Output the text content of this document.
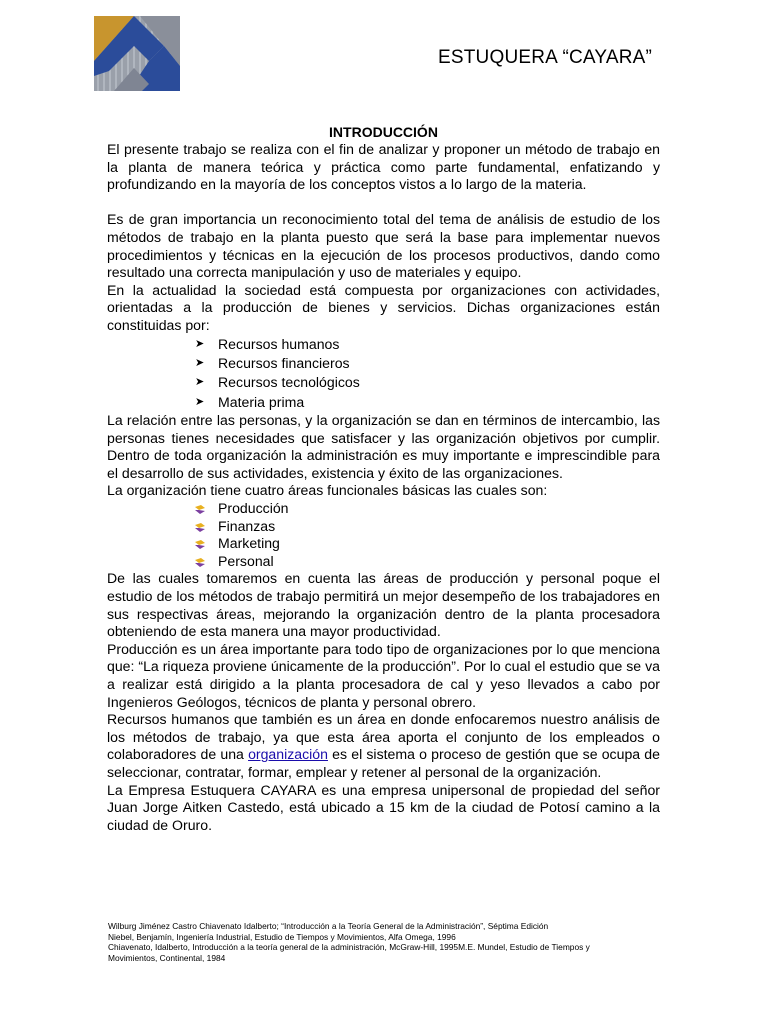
ESTUQUERA “CAYARA”
INTRODUCCIÓN

El presente trabajo se realiza con el fin de analizar y proponer un método de trabajo en la planta de manera teórica y práctica como parte fundamental, enfatizando y profundizando en la mayoría de los conceptos vistos a lo largo de la materia.

Es de gran importancia un reconocimiento total del tema de análisis de estudio de los métodos de trabajo en la planta puesto que será la base para implementar nuevos procedimientos y técnicas en la ejecución de los procesos productivos, dando como resultado una correcta manipulación y uso de materiales y equipo.

En la actualidad la sociedad está compuesta por organizaciones con actividades, orientadas a la producción de bienes y servicios. Dichas organizaciones están constituidas por:

➤ Recursos humanos
➤ Recursos financieros
➤ Recursos tecnológicos
➤ Materia prima

La relación entre las personas, y la organización se dan en términos de intercambio, las personas tienes necesidades que satisfacer y las organización objetivos por cumplir. Dentro de toda organización la administración es muy importante e imprescindible para el desarrollo de sus actividades, existencia y éxito de las organizaciones.

La organización tiene cuatro áreas funcionales básicas las cuales son:

Producción
Finanzas
Marketing
Personal

De las cuales tomaremos en cuenta las áreas de producción y personal poque el estudio de los métodos de trabajo permitirá un mejor desempeño de los trabajadores en sus respectivas áreas, mejorando la organización dentro de la planta procesadora obteniendo de esta manera una mayor productividad.

Producción es un área importante para todo tipo de organizaciones por lo que menciona que: “La riqueza proviene únicamente de la producción”. Por lo cual el estudio que se va a realizar está dirigido a la planta procesadora de cal y yeso llevados a cabo por Ingenieros Geólogos, técnicos de planta y personal obrero.

Recursos humanos que también es un área en donde enfocaremos nuestro análisis de los métodos de trabajo, ya que esta área aporta el conjunto de los empleados o colaboradores de una organización es el sistema o proceso de gestión que se ocupa de seleccionar, contratar, formar, emplear y retener al personal de la organización.

La Empresa Estuquera CAYARA es una empresa unipersonal de propiedad del señor Juan Jorge Aitken Castedo, está ubicado a 15 km de la ciudad de Potosí camino a la ciudad de Oruro.

Wilburg Jiménez Castro Chiavenato Idalberto; “Introducción a la Teoría General de la Administración”, Séptima Edición
Niebel, Benjamín, Ingeniería Industrial, Estudio de Tiempos y Movimientos, Alfa Omega, 1996
Chiavenato, Idalberto, Introducción a la teoría general de la administración, McGraw-Hill, 1995M.E. Mundel, Estudio de Tiempos y
Movimientos, Continental, 1984
